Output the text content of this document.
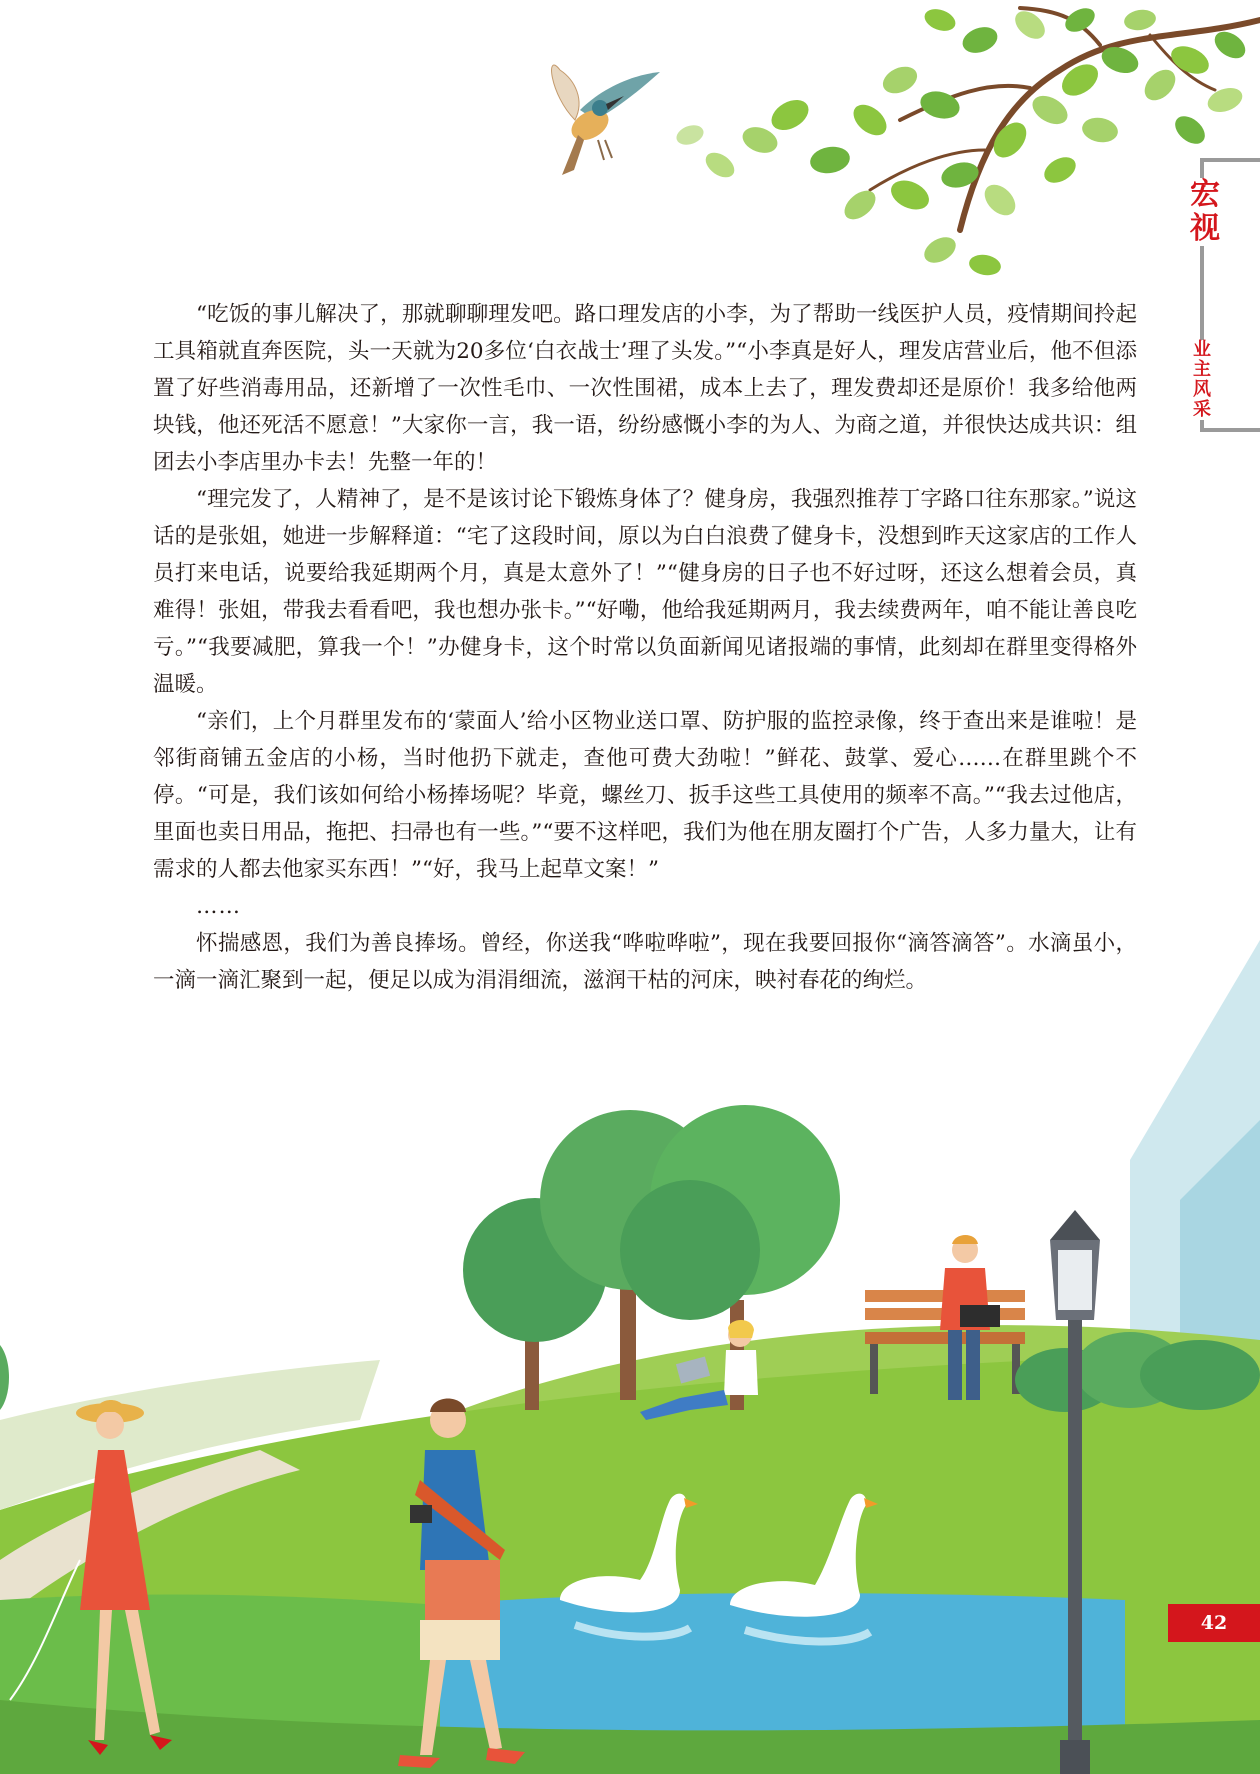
宏视
业主风采

“吃饭的事儿解决了，那就聊聊理发吧。路口理发店的小李，为了帮助一线医护人员，疫情期间拎起工具箱就直奔医院，头一天就为20多位‘白衣战士’理了头发。”“小李真是好人，理发店营业后，他不但添置了好些消毒用品，还新增了一次性毛巾、一次性围裙，成本上去了，理发费却还是原价！我多给他两块钱，他还死活不愿意！”大家你一言，我一语，纷纷感慨小李的为人、为商之道，并很快达成共识：组团去小李店里办卡去！先整一年的！

“理完发了，人精神了，是不是该讨论下锻炼身体了？健身房，我强烈推荐丁字路口往东那家。”说这话的是张姐，她进一步解释道：“宅了这段时间，原以为白白浪费了健身卡，没想到昨天这家店的工作人员打来电话，说要给我延期两个月，真是太意外了！”“健身房的日子也不好过呀，还这么想着会员，真难得！张姐，带我去看看吧，我也想办张卡。”“好嘞，他给我延期两月，我去续费两年，咱不能让善良吃亏。”“我要减肥，算我一个！”办健身卡，这个时常以负面新闻见诸报端的事情，此刻却在群里变得格外温暖。

“亲们，上个月群里发布的‘蒙面人’给小区物业送口罩、防护服的监控录像，终于查出来是谁啦！是邻街商铺五金店的小杨，当时他扔下就走，查他可费大劲啦！”鲜花、鼓掌、爱心……在群里跳个不停。“可是，我们该如何给小杨捧场呢？毕竟，螺丝刀、扳手这些工具使用的频率不高。”“我去过他店，里面也卖日用品，拖把、扫帚也有一些。”“要不这样吧，我们为他在朋友圈打个广告，人多力量大，让有需求的人都去他家买东西！”“好，我马上起草文案！”

……

怀揣感恩，我们为善良捧场。曾经，你送我“哗啦哗啦”，现在我要回报你“滴答滴答”。水滴虽小，一滴一滴汇聚到一起，便足以成为涓涓细流，滋润干枯的河床，映衬春花的绚烂。

42
